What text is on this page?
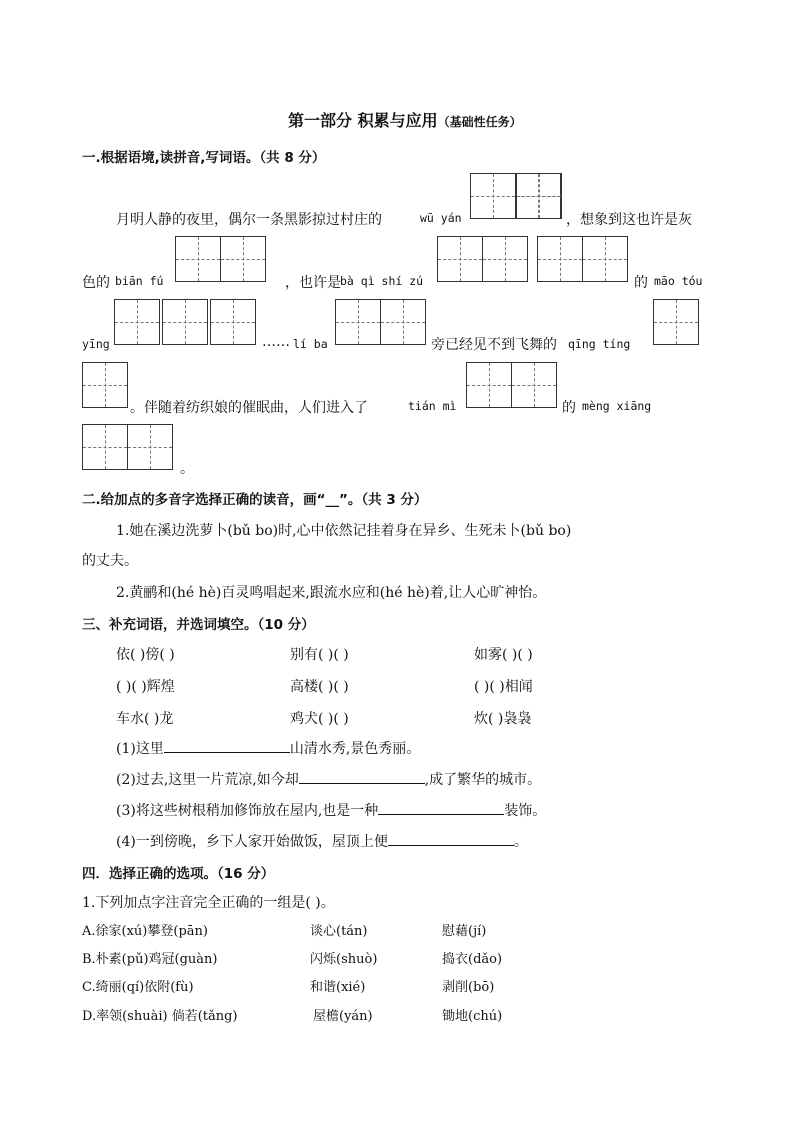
第一部分 积累与应用（基础性任务）
一.根据语境,读拼音,写词语。（共 8 分）
月明人静的夜里，偶尔一条黑影掠过村庄的	wū yán	，想象到这也许是灰
色的 biān fú	，也许是 bà qì shí zú	的 māo tóu
yīng	…… lí ba	旁已经见不到飞舞的 qīng tíng
。伴随着纺织娘的催眠曲，人们进入了	tián mì	的 mèng xiāng
。
二.给加点的多音字选择正确的读音，画“__”。（共 3 分）
1.她在溪边洗萝卜(bǔ bo)时,心中依然记挂着身在异乡、生死未卜(bǔ bo)
的丈夫。
2.黄鹂和(hé hè)百灵鸣唱起来,跟流水应和(hé hè)着,让人心旷神怡。
三、补充词语，并选词填空。（10 分）
依( )傍( )	别有( )( )	如雾( )( )
( )( )辉煌	高楼( )( )	( )( )相闻
车水( )龙	鸡犬( )( )	炊( )袅袅
(1)这里	山清水秀,景色秀丽。
(2)过去,这里一片荒凉,如今却	,成了繁华的城市。
(3)将这些树根稍加修饰放在屋内,也是一种	装饰。
(4)一到傍晚，乡下人家开始做饭，屋顶上便	。
四．选择正确的选项。（16 分）
1.下列加点字注音完全正确的一组是( )。
A.徐家(xú)攀登(pān)	谈心(tán)	慰藉(jí)
B.朴素(pǔ)鸡冠(guàn)	闪烁(shuò)	捣衣(dǎo)
C.绮丽(qí)依附(fù)	和谐(xié)	剥削(bō)
D.率领(shuài) 倘若(tǎng)	屋檐(yán)	锄地(chú)
